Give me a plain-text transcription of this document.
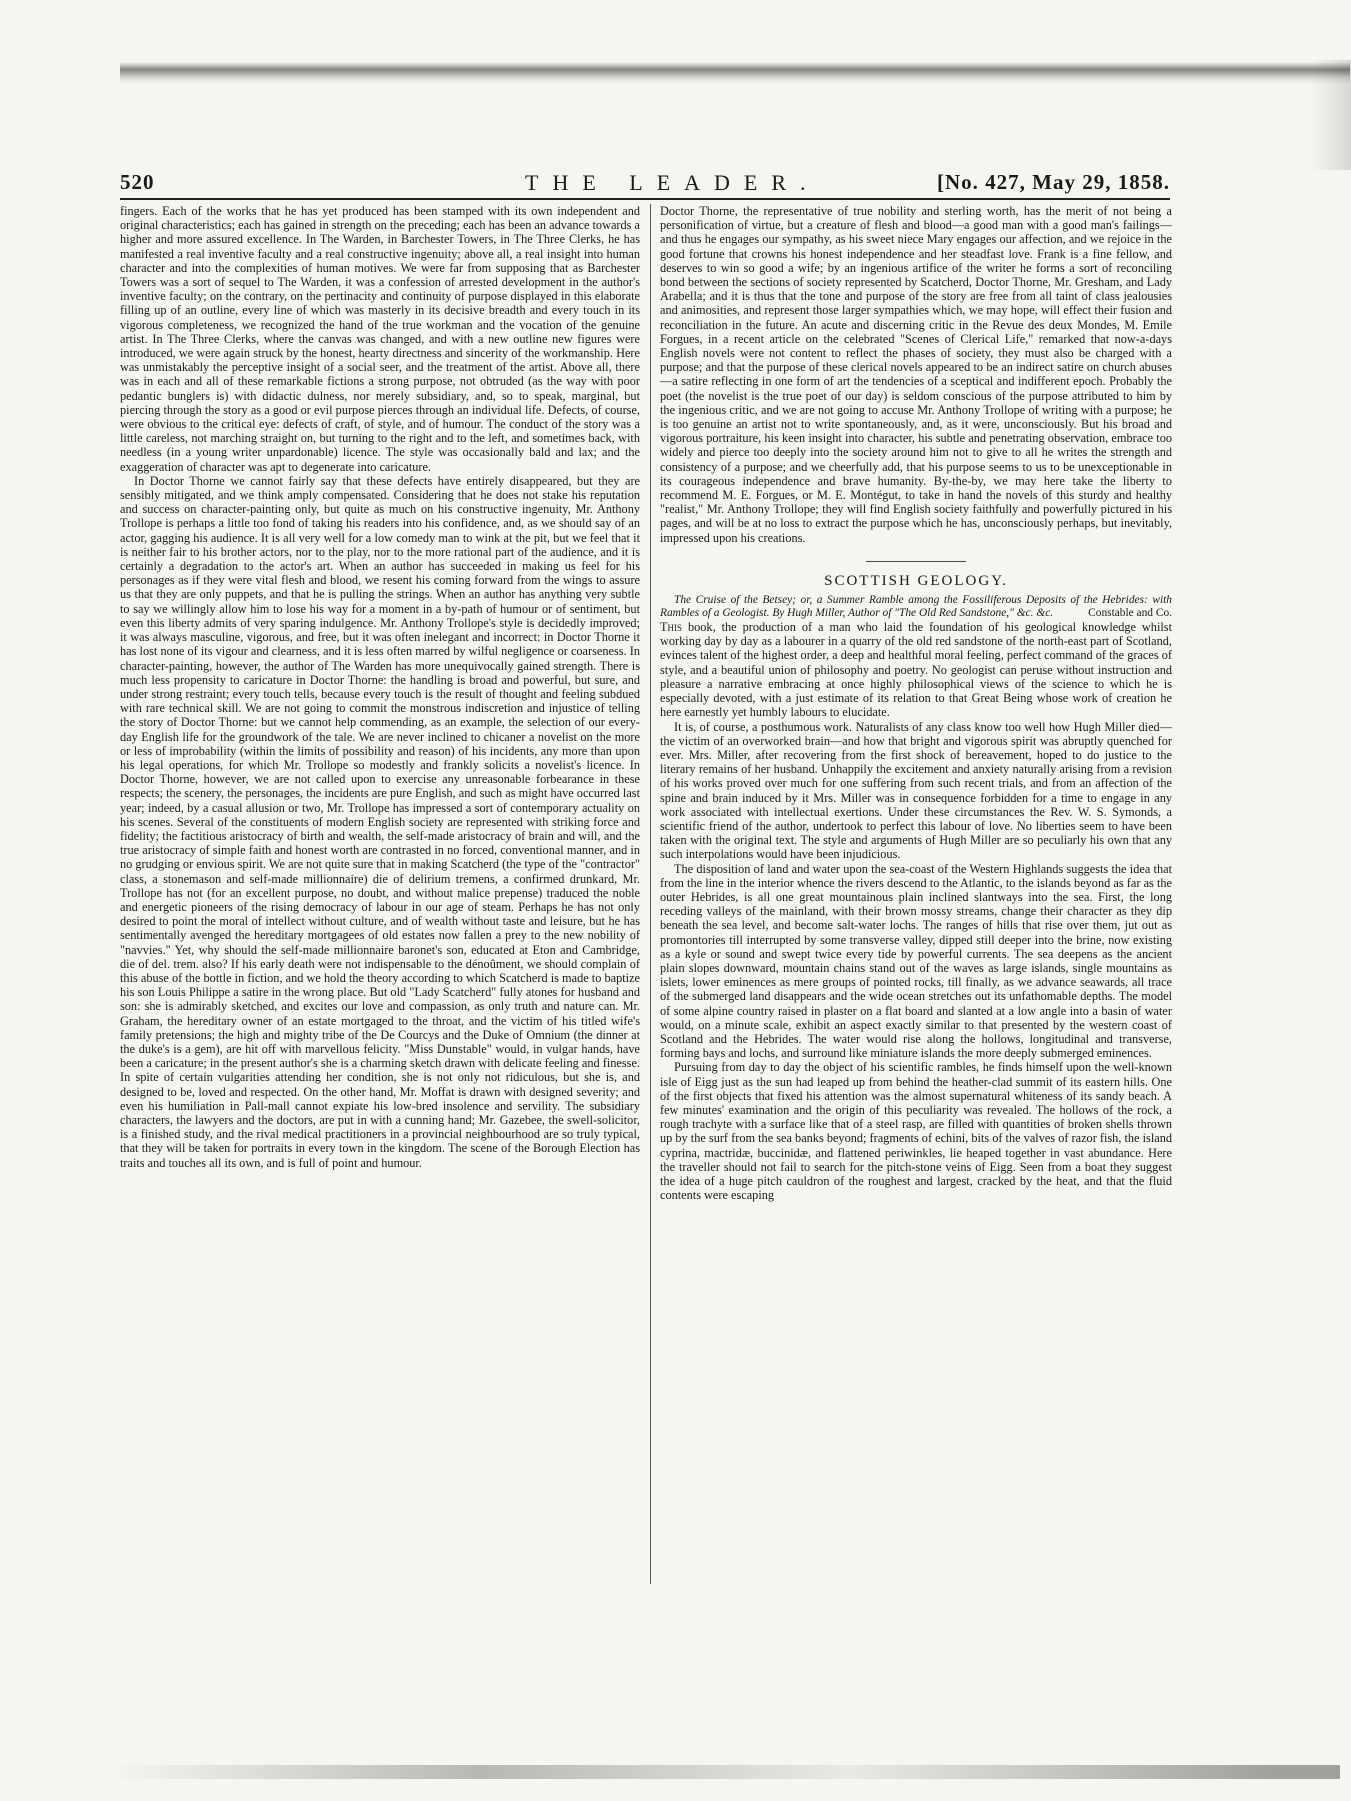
520	THE LEADER.	[No. 427, May 29, 1858.

fingers. Each of the works that he has yet produced has been stamped with its own independent and original characteristics; each has gained in strength on the preceding; each has been an advance towards a higher and more assured excellence. In The Warden, in Barchester Towers, in The Three Clerks, he has manifested a real inventive faculty and a real constructive ingenuity; above all, a real insight into human character and into the complexities of human motives. We were far from supposing that as Barchester Towers was a sort of sequel to The Warden, it was a confession of arrested development in the author's inventive faculty; on the contrary, on the pertinacity and continuity of purpose displayed in this elaborate filling up of an outline, every line of which was masterly in its decisive breadth and every touch in its vigorous completeness, we recognized the hand of the true workman and the vocation of the genuine artist. In The Three Clerks, where the canvas was changed, and with a new outline new figures were introduced, we were again struck by the honest, hearty directness and sincerity of the workmanship. Here was unmistakably the perceptive insight of a social seer, and the treatment of the artist. Above all, there was in each and all of these remarkable fictions a strong purpose, not obtruded (as the way with poor pedantic bunglers is) with didactic dulness, nor merely subsidiary, and, so to speak, marginal, but piercing through the story as a good or evil purpose pierces through an individual life. Defects, of course, were obvious to the critical eye: defects of craft, of style, and of humour. The conduct of the story was a little careless, not marching straight on, but turning to the right and to the left, and sometimes back, with needless (in a young writer unpardonable) licence. The style was occasionally bald and lax; and the exaggeration of character was apt to degenerate into caricature.

In Doctor Thorne we cannot fairly say that these defects have entirely disappeared, but they are sensibly mitigated, and we think amply compensated. Considering that he does not stake his reputation and success on character-painting only, but quite as much on his constructive ingenuity, Mr. Anthony Trollope is perhaps a little too fond of taking his readers into his confidence, and, as we should say of an actor, gagging his audience. It is all very well for a low comedy man to wink at the pit, but we feel that it is neither fair to his brother actors, nor to the play, nor to the more rational part of the audience, and it is certainly a degradation to the actor's art. When an author has succeeded in making us feel for his personages as if they were vital flesh and blood, we resent his coming forward from the wings to assure us that they are only puppets, and that he is pulling the strings. When an author has anything very subtle to say we willingly allow him to lose his way for a moment in a by-path of humour or of sentiment, but even this liberty admits of very sparing indulgence. Mr. Anthony Trollope's style is decidedly improved; it was always masculine, vigorous, and free, but it was often inelegant and incorrect: in Doctor Thorne it has lost none of its vigour and clearness, and it is less often marred by wilful negligence or coarseness. In character-painting, however, the author of The Warden has more unequivocally gained strength. There is much less propensity to caricature in Doctor Thorne: the handling is broad and powerful, but sure, and under strong restraint; every touch tells, because every touch is the result of thought and feeling subdued with rare technical skill. We are not going to commit the monstrous indiscretion and injustice of telling the story of Doctor Thorne: but we cannot help commending, as an example, the selection of our every-day English life for the groundwork of the tale. We are never inclined to chicaner a novelist on the more or less of improbability (within the limits of possibility and reason) of his incidents, any more than upon his legal operations, for which Mr. Trollope so modestly and frankly solicits a novelist's licence. In Doctor Thorne, however, we are not called upon to exercise any unreasonable forbearance in these respects; the scenery, the personages, the incidents are pure English, and such as might have occurred last year; indeed, by a casual allusion or two, Mr. Trollope has impressed a sort of contemporary actuality on his scenes. Several of the constituents of modern English society are represented with striking force and fidelity; the factitious aristocracy of birth and wealth, the self-made aristocracy of brain and will, and the true aristocracy of simple faith and honest worth are contrasted in no forced, conventional manner, and in no grudging or envious spirit. We are not quite sure that in making Scatcherd (the type of the "contractor" class, a stonemason and self-made millionnaire) die of delirium tremens, a confirmed drunkard, Mr. Trollope has not (for an excellent purpose, no doubt, and without malice prepense) traduced the noble and energetic pioneers of the rising democracy of labour in our age of steam. Perhaps he has not only desired to point the moral of intellect without culture, and of wealth without taste and leisure, but he has sentimentally avenged the hereditary mortgagees of old estates now fallen a prey to the new nobility of "navvies." Yet, why should the self-made millionnaire baronet's son, educated at Eton and Cambridge, die of del. trem. also? If his early death were not indispensable to the dénoûment, we should complain of this abuse of the bottle in fiction, and we hold the theory according to which Scatcherd is made to baptize his son Louis Philippe a satire in the wrong place. But old "Lady Scatcherd" fully atones for husband and son: she is admirably sketched, and excites our love and compassion, as only truth and nature can. Mr. Graham, the hereditary owner of an estate mortgaged to the throat, and the victim of his titled wife's family pretensions; the high and mighty tribe of the De Courcys and the Duke of Omnium (the dinner at the duke's is a gem), are hit off with marvellous felicity. "Miss Dunstable" would, in vulgar hands, have been a caricature; in the present author's she is a charming sketch drawn with delicate feeling and finesse. In spite of certain vulgarities attending her condition, she is not only not ridiculous, but she is, and designed to be, loved and respected. On the other hand, Mr. Moffat is drawn with designed severity; and even his humiliation in Pall-mall cannot expiate his low-bred insolence and servility. The subsidiary characters, the lawyers and the doctors, are put in with a cunning hand; Mr. Gazebee, the swell-solicitor, is a finished study, and the rival medical practitioners in a provincial neighbourhood are so truly typical, that they will be taken for portraits in every town in the kingdom. The scene of the Borough Election has traits and touches all its own, and is full of point and humour.

Doctor Thorne, the representative of true nobility and sterling worth, has the merit of not being a personification of virtue, but a creature of flesh and blood—a good man with a good man's failings—and thus he engages our sympathy, as his sweet niece Mary engages our affection, and we rejoice in the good fortune that crowns his honest independence and her steadfast love. Frank is a fine fellow, and deserves to win so good a wife; by an ingenious artifice of the writer he forms a sort of reconciling bond between the sections of society represented by Scatcherd, Doctor Thorne, Mr. Gresham, and Lady Arabella; and it is thus that the tone and purpose of the story are free from all taint of class jealousies and animosities, and represent those larger sympathies which, we may hope, will effect their fusion and reconciliation in the future. An acute and discerning critic in the Revue des deux Mondes, M. Emile Forgues, in a recent article on the celebrated "Scenes of Clerical Life," remarked that now-a-days English novels were not content to reflect the phases of society, they must also be charged with a purpose; and that the purpose of these clerical novels appeared to be an indirect satire on church abuses—a satire reflecting in one form of art the tendencies of a sceptical and indifferent epoch. Probably the poet (the novelist is the true poet of our day) is seldom conscious of the purpose attributed to him by the ingenious critic, and we are not going to accuse Mr. Anthony Trollope of writing with a purpose; he is too genuine an artist not to write spontaneously, and, as it were, unconsciously. But his broad and vigorous portraiture, his keen insight into character, his subtle and penetrating observation, embrace too widely and pierce too deeply into the society around him not to give to all he writes the strength and consistency of a purpose; and we cheerfully add, that his purpose seems to us to be unexceptionable in its courageous independence and brave humanity. By-the-by, we may here take the liberty to recommend M. E. Forgues, or M. E. Montégut, to take in hand the novels of this sturdy and healthy "realist," Mr. Anthony Trollope; they will find English society faithfully and powerfully pictured in his pages, and will be at no loss to extract the purpose which he has, unconsciously perhaps, but inevitably, impressed upon his creations.

SCOTTISH GEOLOGY.

The Cruise of the Betsey; or, a Summer Ramble among the Fossiliferous Deposits of the Hebrides: with Rambles of a Geologist. By Hugh Miller, Author of "The Old Red Sandstone," &c. &c.	Constable and Co.

This book, the production of a man who laid the foundation of his geological knowledge whilst working day by day as a labourer in a quarry of the old red sandstone of the north-east part of Scotland, evinces talent of the highest order, a deep and healthful moral feeling, perfect command of the graces of style, and a beautiful union of philosophy and poetry. No geologist can peruse without instruction and pleasure a narrative embracing at once highly philosophical views of the science to which he is especially devoted, with a just estimate of its relation to that Great Being whose work of creation he here earnestly yet humbly labours to elucidate.

It is, of course, a posthumous work. Naturalists of any class know too well how Hugh Miller died—the victim of an overworked brain—and how that bright and vigorous spirit was abruptly quenched for ever. Mrs. Miller, after recovering from the first shock of bereavement, hoped to do justice to the literary remains of her husband. Unhappily the excitement and anxiety naturally arising from a revision of his works proved over much for one suffering from such recent trials, and from an affection of the spine and brain induced by it Mrs. Miller was in consequence forbidden for a time to engage in any work associated with intellectual exertions. Under these circumstances the Rev. W. S. Symonds, a scientific friend of the author, undertook to perfect this labour of love. No liberties seem to have been taken with the original text. The style and arguments of Hugh Miller are so peculiarly his own that any such interpolations would have been injudicious.

The disposition of land and water upon the sea-coast of the Western Highlands suggests the idea that from the line in the interior whence the rivers descend to the Atlantic, to the islands beyond as far as the outer Hebrides, is all one great mountainous plain inclined slantways into the sea. First, the long receding valleys of the mainland, with their brown mossy streams, change their character as they dip beneath the sea level, and become salt-water lochs. The ranges of hills that rise over them, jut out as promontories till interrupted by some transverse valley, dipped still deeper into the brine, now existing as a kyle or sound and swept twice every tide by powerful currents. The sea deepens as the ancient plain slopes downward, mountain chains stand out of the waves as large islands, single mountains as islets, lower eminences as mere groups of pointed rocks, till finally, as we advance seawards, all trace of the submerged land disappears and the wide ocean stretches out its unfathomable depths. The model of some alpine country raised in plaster on a flat board and slanted at a low angle into a basin of water would, on a minute scale, exhibit an aspect exactly similar to that presented by the western coast of Scotland and the Hebrides. The water would rise along the hollows, longitudinal and transverse, forming bays and lochs, and surround like miniature islands the more deeply submerged eminences.

Pursuing from day to day the object of his scientific rambles, he finds himself upon the well-known isle of Eigg just as the sun had leaped up from behind the heather-clad summit of its eastern hills. One of the first objects that fixed his attention was the almost supernatural whiteness of its sandy beach. A few minutes' examination and the origin of this peculiarity was revealed. The hollows of the rock, a rough trachyte with a surface like that of a steel rasp, are filled with quantities of broken shells thrown up by the surf from the sea banks beyond; fragments of echini, bits of the valves of razor fish, the island cyprina, mactridæ, buccinidæ, and flattened periwinkles, lie heaped together in vast abundance. Here the traveller should not fail to search for the pitch-stone veins of Eigg. Seen from a boat they suggest the idea of a huge pitch cauldron of the roughest and largest, cracked by the heat, and that the fluid contents were escaping
